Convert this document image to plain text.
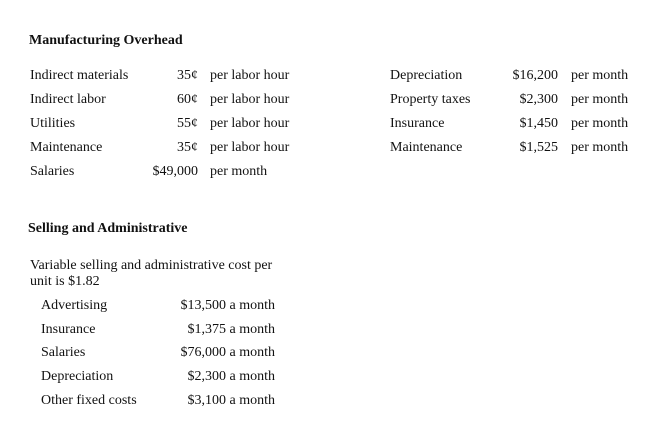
Manufacturing Overhead
Indirect materials	35¢ per labor hour
Indirect labor	60¢ per labor hour
Utilities	55¢ per labor hour
Maintenance	35¢ per labor hour
Salaries	$49,000 per month
Depreciation	$16,200 per month
Property taxes	$2,300 per month
Insurance	$1,450 per month
Maintenance	$1,525 per month
Selling and Administrative
Variable selling and administrative cost per
unit is $1.82
Advertising	$13,500 a month
Insurance	$1,375 a month
Salaries	$76,000 a month
Depreciation	$2,300 a month
Other fixed costs	$3,100 a month
